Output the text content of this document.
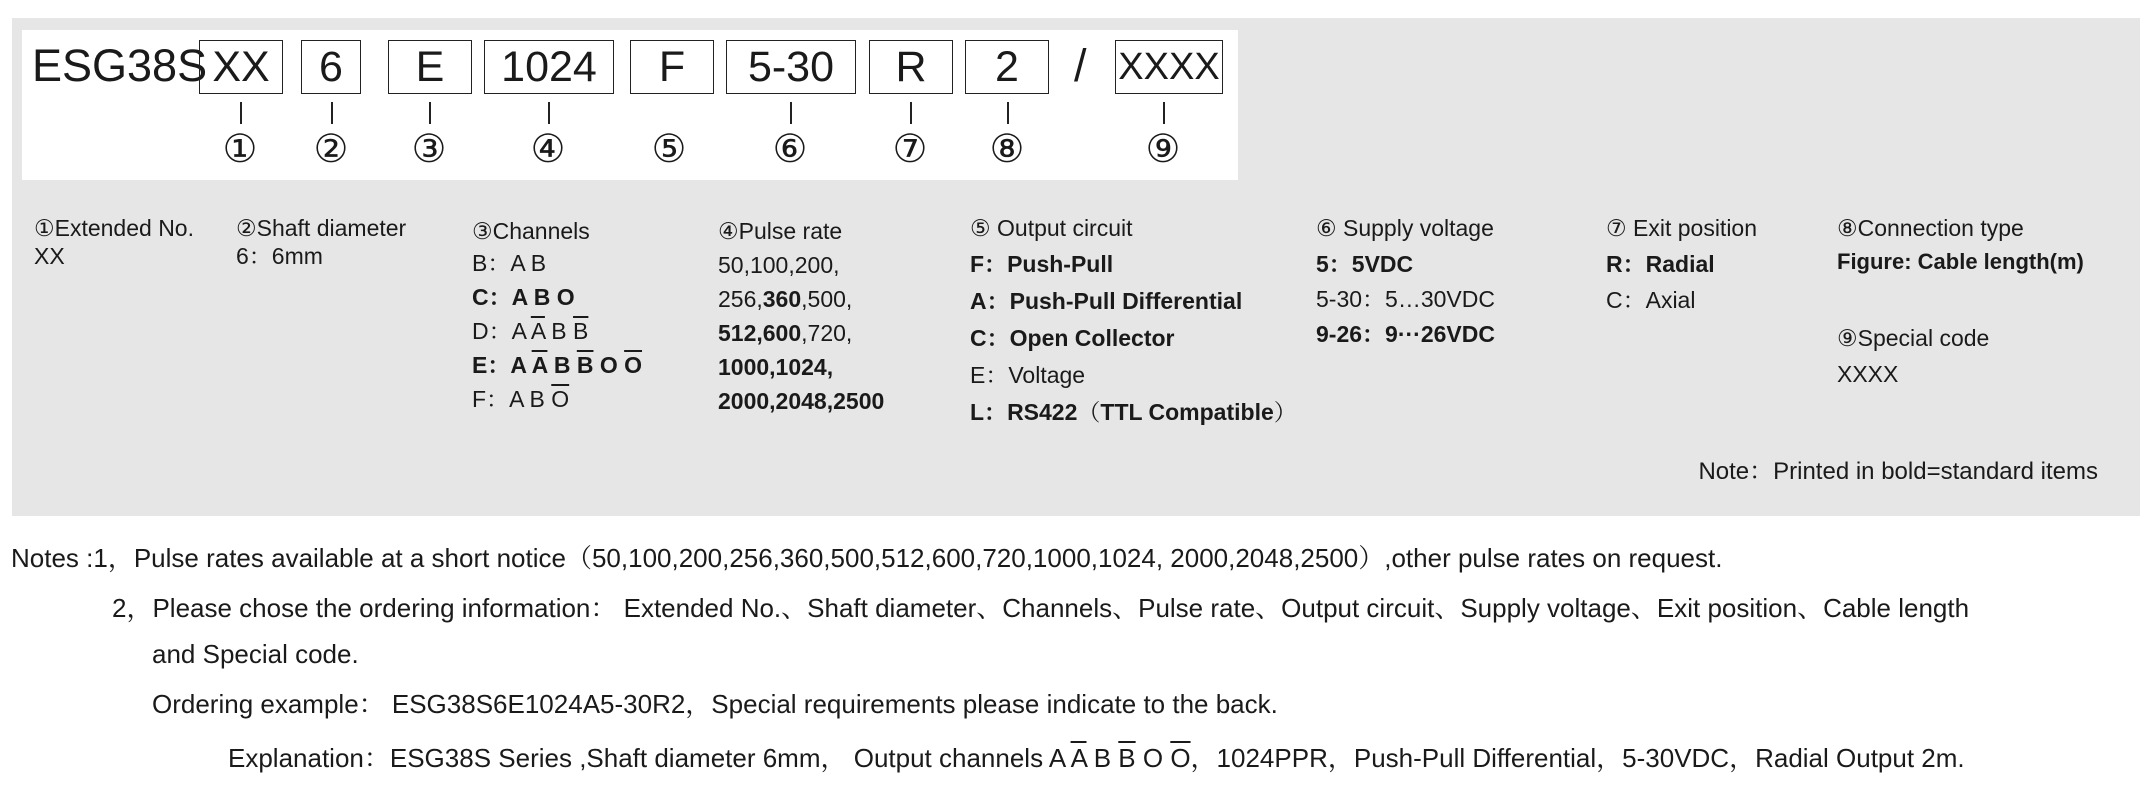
ESG38S XX	6	E	1024	F	5-30	R	2	/ XXXX
① ② ③ ④ ⑤ ⑥ ⑦ ⑧	⑨
①Extended No.
XX
②Shaft diameter
6：6mm
③Channels
B：A B
C：A B O
D：A $\overline{A}$ B $\overline{B}$
E：A $\overline{A}$ B $\overline{B}$ O $\overline{O}$
F：A B $\overline{O}$
④Pulse rate
50,100,200,
256,360,500,
512,600,720,
1000,1024,
2000,2048,2500
⑤ Output circuit
F：Push-Pull
A：Push-Pull Differential
C：Open Collector
E：Voltage
L：RS422（TTL Compatible）
⑥ Supply voltage
5：5VDC
5-30：5…30VDC
9-26：9···26VDC
⑦ Exit position
R：Radial
C：Axial
⑧Connection type
Figure: Cable length(m)
⑨Special code
XXXX
Note：Printed in bold=standard items
Notes :1，Pulse rates available at a short notice（50,100,200,256,360,500,512,600,720,1000,1024, 2000,2048,2500）,other pulse rates on request.
2，Please chose the ordering information： Extended No.、Shaft diameter、Channels、Pulse rate、Output circuit、Supply voltage、Exit position、Cable length
and Special code.
Ordering example： ESG38S6E1024A5-30R2，Special requirements please indicate to the back.
Explanation：ESG38S Series ,Shaft diameter 6mm， Output channels A $\overline{A}$ B $\overline{B}$ O $\overline{O}$，1024PPR，Push-Pull Differential，5-30VDC，Radial Output 2m.
